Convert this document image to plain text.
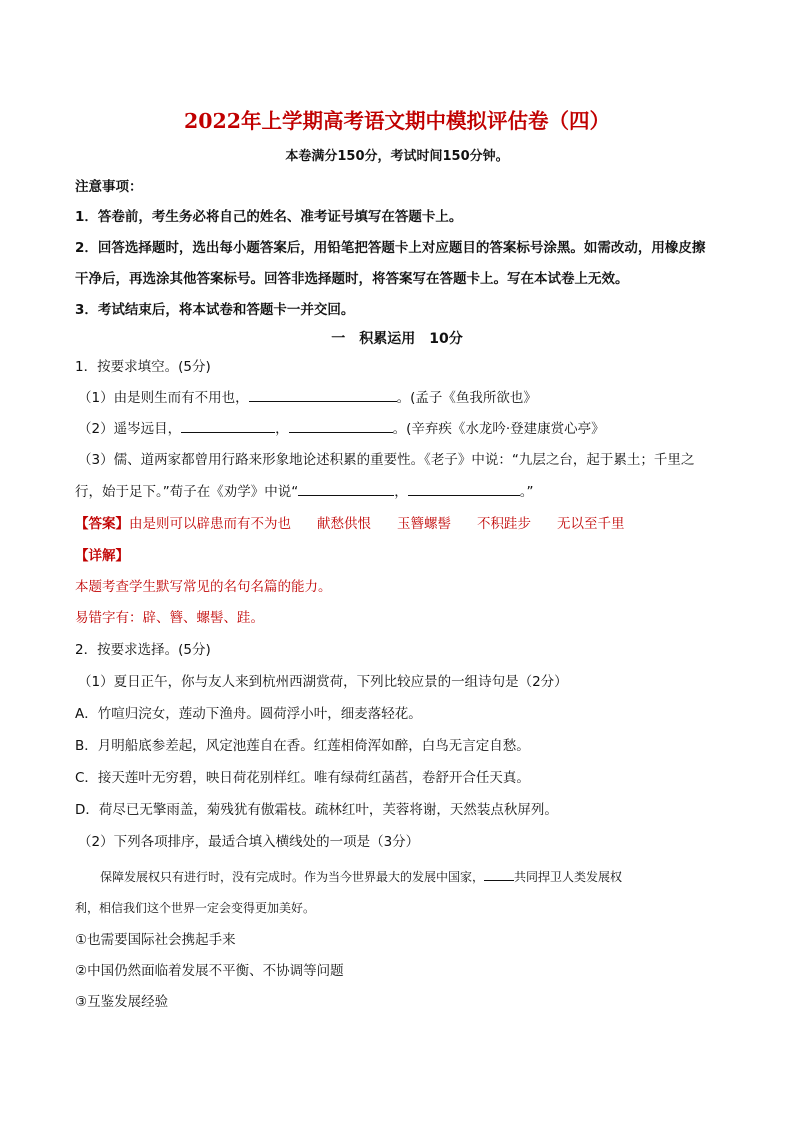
2022年上学期高考语文期中模拟评估卷（四）
本卷满分150分，考试时间150分钟。
注意事项：
1．答卷前，考生务必将自己的姓名、准考证号填写在答题卡上。
2．回答选择题时，选出每小题答案后，用铅笔把答题卡上对应题目的答案标号涂黑。如需改动，用橡皮擦
干净后，再选涂其他答案标号。回答非选择题时，将答案写在答题卡上。写在本试卷上无效。
3．考试结束后，将本试卷和答题卡一并交回。
一　积累运用　10分
1．按要求填空。(5分)
（1）由是则生而有不用也，	。(孟子《鱼我所欲也》
（2）遥岑远目，	，	。(辛弃疾《水龙吟·登建康赏心亭》
（3）儒、道两家都曾用行路来形象地论述积累的重要性。《老子》中说：“九层之台，起于累土；千里之
行，始于足下。”荀子在《劝学》中说“	，	。”
【答案】由是则可以辟患而有不为也 献愁供恨 玉簪螺髻 不积跬步 无以至千里
【详解】
本题考查学生默写常见的名句名篇的能力。
易错字有：辟、簪、螺髻、跬。
2．按要求选择。(5分)
（1）夏日正午，你与友人来到杭州西湖赏荷，下列比较应景的一组诗句是（2分）
A．竹喧归浣女，莲动下渔舟。圆荷浮小叶，细麦落轻花。
B．月明船底参差起，风定池莲自在香。红莲相倚浑如醉，白鸟无言定自愁。
C．接天莲叶无穷碧，映日荷花别样红。唯有绿荷红菡萏，卷舒开合任天真。
D．荷尽已无擎雨盖，菊残犹有傲霜枝。疏林红叶，芙蓉将谢，天然装点秋屏列。
（2）下列各项排序，最适合填入横线处的一项是（3分）
保障发展权只有进行时，没有完成时。作为当今世界最大的发展中国家，	共同捍卫人类发展权
利，相信我们这个世界一定会变得更加美好。
①也需要国际社会携起手来
②中国仍然面临着发展不平衡、不协调等问题
③互鉴发展经验
